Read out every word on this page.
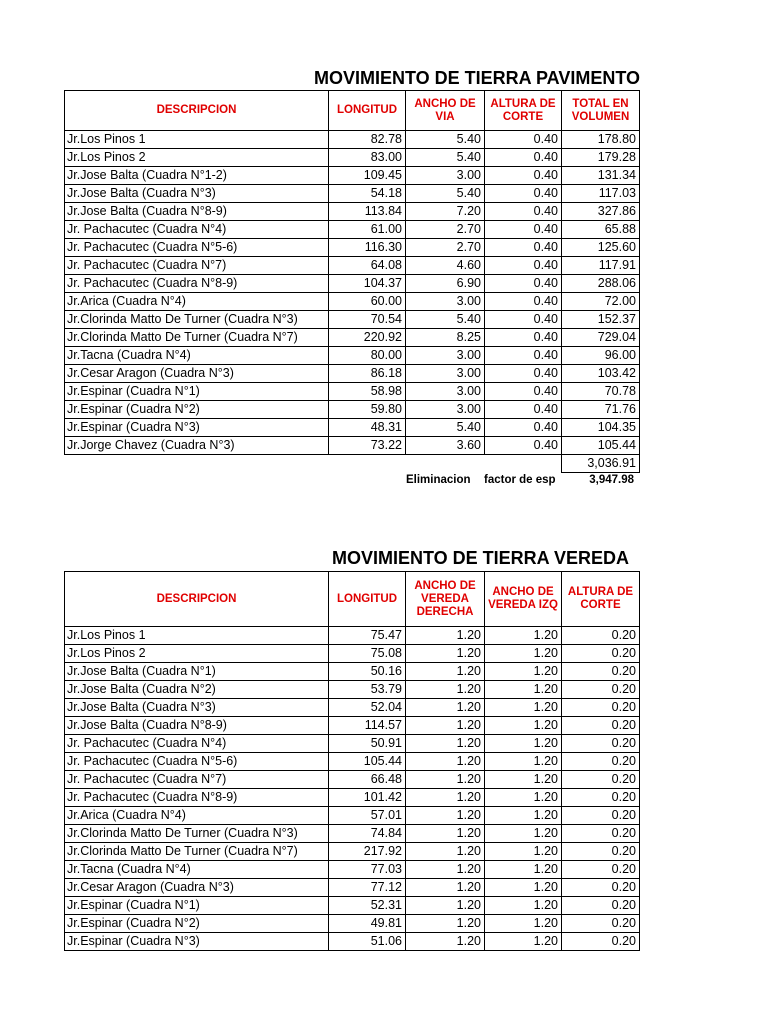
MOVIMIENTO DE TIERRA PAVIMENTO
DESCRIPCION	LONGITUD	ANCHO DE VIA	ALTURA DE CORTE	TOTAL EN VOLUMEN
Jr.Los Pinos 1	82.78	5.40	0.40	178.80
Jr.Los Pinos 2	83.00	5.40	0.40	179.28
Jr.Jose Balta (Cuadra N°1-2)	109.45	3.00	0.40	131.34
Jr.Jose Balta (Cuadra N°3)	54.18	5.40	0.40	117.03
Jr.Jose Balta (Cuadra N°8-9)	113.84	7.20	0.40	327.86
Jr. Pachacutec (Cuadra N°4)	61.00	2.70	0.40	65.88
Jr. Pachacutec (Cuadra N°5-6)	116.30	2.70	0.40	125.60
Jr. Pachacutec (Cuadra N°7)	64.08	4.60	0.40	117.91
Jr. Pachacutec (Cuadra N°8-9)	104.37	6.90	0.40	288.06
Jr.Arica (Cuadra N°4)	60.00	3.00	0.40	72.00
Jr.Clorinda Matto De Turner (Cuadra N°3)	70.54	5.40	0.40	152.37
Jr.Clorinda Matto De Turner (Cuadra N°7)	220.92	8.25	0.40	729.04
Jr.Tacna (Cuadra N°4)	80.00	3.00	0.40	96.00
Jr.Cesar Aragon (Cuadra N°3)	86.18	3.00	0.40	103.42
Jr.Espinar (Cuadra N°1)	58.98	3.00	0.40	70.78
Jr.Espinar (Cuadra N°2)	59.80	3.00	0.40	71.76
Jr.Espinar (Cuadra N°3)	48.31	5.40	0.40	104.35
Jr.Jorge Chavez (Cuadra N°3)	73.22	3.60	0.40	105.44
				3,036.91
Eliminacion factor de esp	3,947.98
MOVIMIENTO DE TIERRA VEREDA
DESCRIPCION	LONGITUD	ANCHO DE VEREDA DERECHA	ANCHO DE VEREDA IZQ	ALTURA DE CORTE
Jr.Los Pinos 1	75.47	1.20	1.20	0.20
Jr.Los Pinos 2	75.08	1.20	1.20	0.20
Jr.Jose Balta (Cuadra N°1)	50.16	1.20	1.20	0.20
Jr.Jose Balta (Cuadra N°2)	53.79	1.20	1.20	0.20
Jr.Jose Balta (Cuadra N°3)	52.04	1.20	1.20	0.20
Jr.Jose Balta (Cuadra N°8-9)	114.57	1.20	1.20	0.20
Jr. Pachacutec (Cuadra N°4)	50.91	1.20	1.20	0.20
Jr. Pachacutec (Cuadra N°5-6)	105.44	1.20	1.20	0.20
Jr. Pachacutec (Cuadra N°7)	66.48	1.20	1.20	0.20
Jr. Pachacutec (Cuadra N°8-9)	101.42	1.20	1.20	0.20
Jr.Arica (Cuadra N°4)	57.01	1.20	1.20	0.20
Jr.Clorinda Matto De Turner (Cuadra N°3)	74.84	1.20	1.20	0.20
Jr.Clorinda Matto De Turner (Cuadra N°7)	217.92	1.20	1.20	0.20
Jr.Tacna (Cuadra N°4)	77.03	1.20	1.20	0.20
Jr.Cesar Aragon (Cuadra N°3)	77.12	1.20	1.20	0.20
Jr.Espinar (Cuadra N°1)	52.31	1.20	1.20	0.20
Jr.Espinar (Cuadra N°2)	49.81	1.20	1.20	0.20
Jr.Espinar (Cuadra N°3)	51.06	1.20	1.20	0.20
